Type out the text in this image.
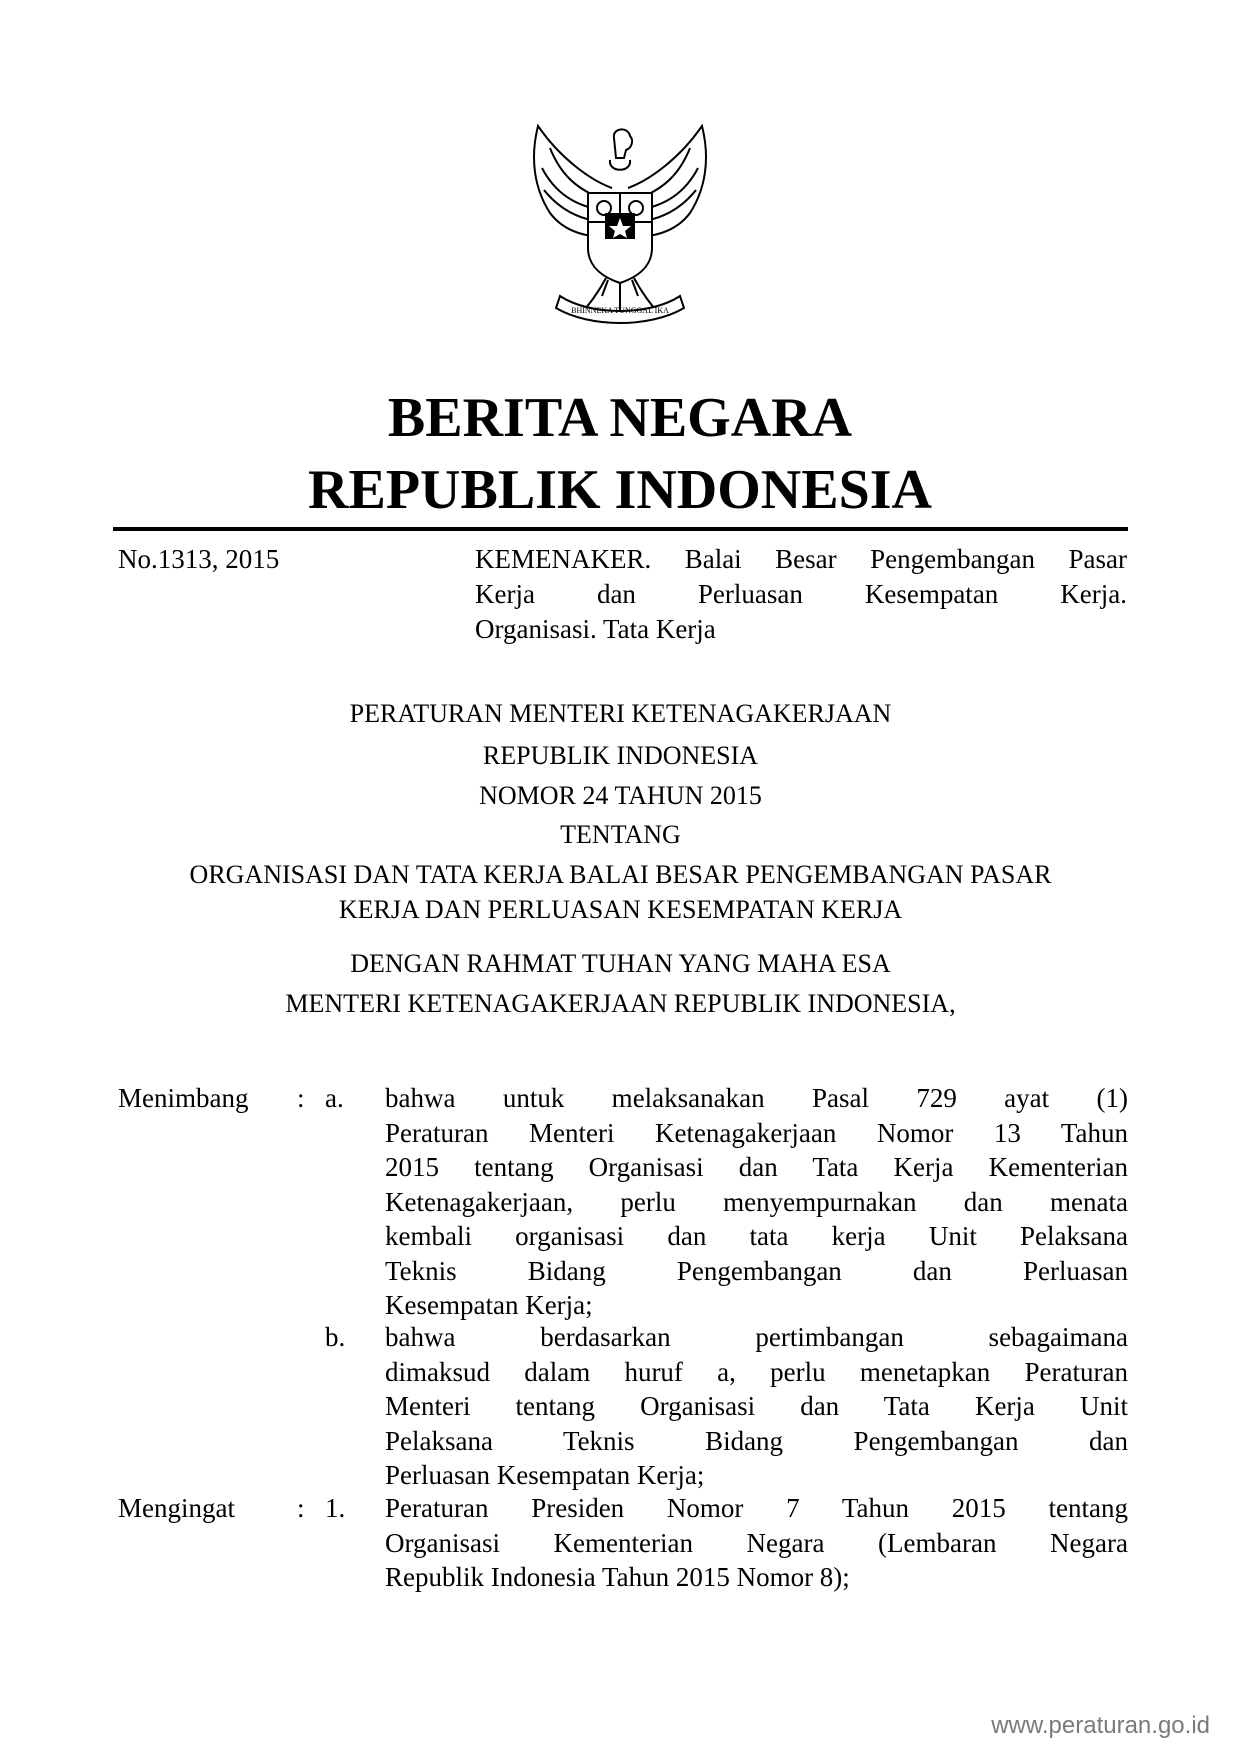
BHINNEKA TUNGGAL IKA
BERITA NEGARA
REPUBLIK INDONESIA
No.1313, 2015	KEMENAKER. Balai Besar Pengembangan Pasar
Kerja dan Perluasan Kesempatan Kerja.
Organisasi. Tata Kerja
PERATURAN MENTERI KETENAGAKERJAAN
REPUBLIK INDONESIA
NOMOR 24 TAHUN 2015
TENTANG
ORGANISASI DAN TATA KERJA BALAI BESAR PENGEMBANGAN PASAR
KERJA DAN PERLUASAN KESEMPATAN KERJA
DENGAN RAHMAT TUHAN YANG MAHA ESA
MENTERI KETENAGAKERJAAN REPUBLIK INDONESIA,
Menimbang : a. bahwa untuk melaksanakan Pasal 729 ayat (1)
Peraturan Menteri Ketenagakerjaan Nomor 13 Tahun
2015 tentang Organisasi dan Tata Kerja Kementerian
Ketenagakerjaan, perlu menyempurnakan dan menata
kembali organisasi dan tata kerja Unit Pelaksana
Teknis Bidang Pengembangan dan Perluasan
Kesempatan Kerja;
b. bahwa berdasarkan pertimbangan sebagaimana
dimaksud dalam huruf a, perlu menetapkan Peraturan
Menteri tentang Organisasi dan Tata Kerja Unit
Pelaksana Teknis Bidang Pengembangan dan
Perluasan Kesempatan Kerja;
Mengingat : 1. Peraturan Presiden Nomor 7 Tahun 2015 tentang
Organisasi Kementerian Negara (Lembaran Negara
Republik Indonesia Tahun 2015 Nomor 8);
www.peraturan.go.id
